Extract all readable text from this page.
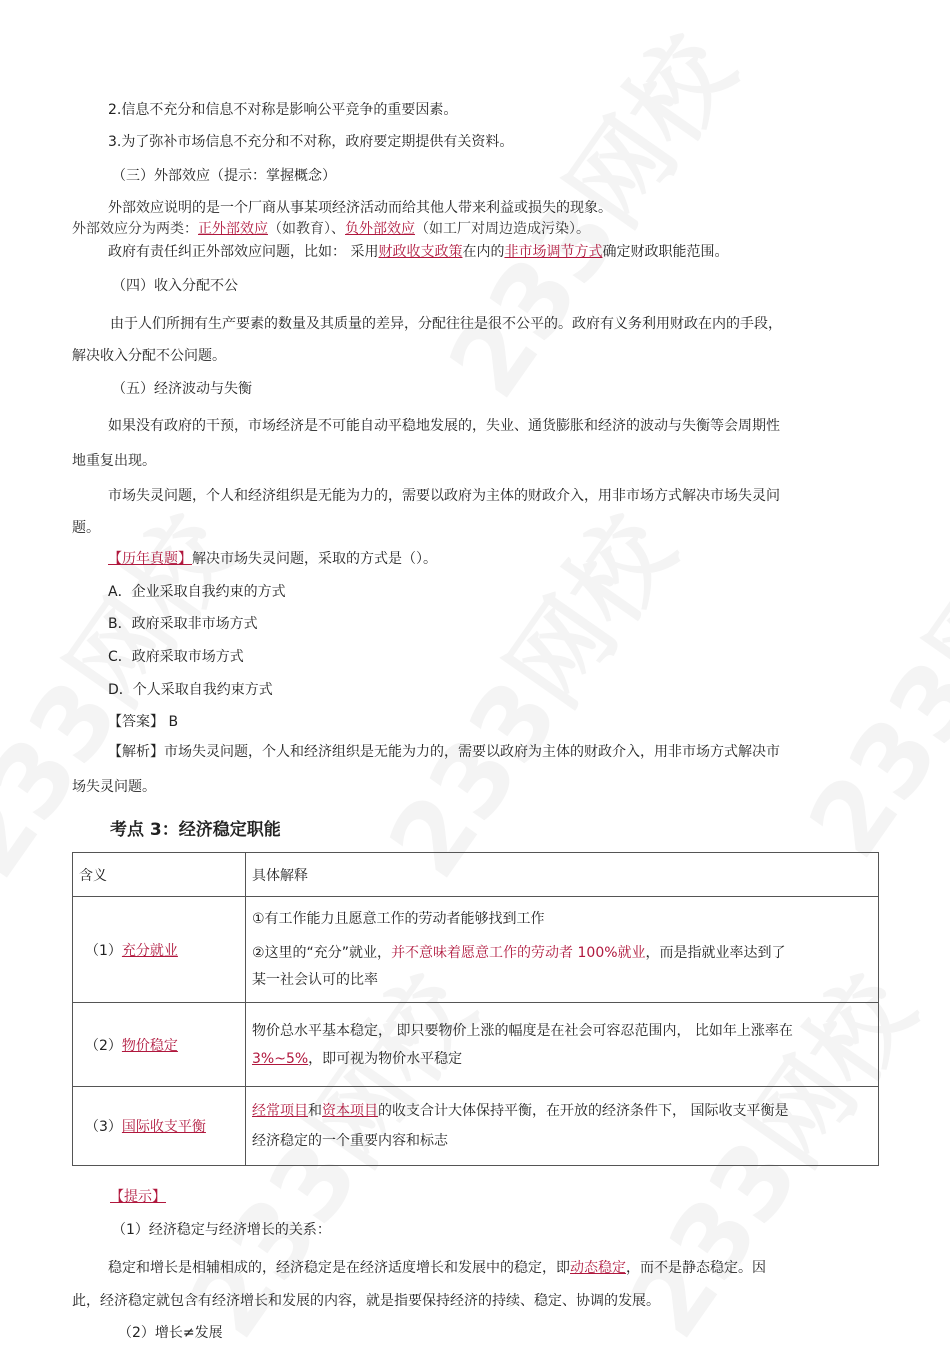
2.信息不充分和信息不对称是影响公平竞争的重要因素。
3.为了弥补市场信息不充分和不对称，政府要定期提供有关资料。
（三）外部效应（提示：掌握概念）
外部效应说明的是一个厂商从事某项经济活动而给其他人带来利益或损失的现象。
外部效应分为两类：正外部效应（如教育）、负外部效应（如工厂对周边造成污染）。
政府有责任纠正外部效应问题，比如： 采用财政收支政策在内的非市场调节方式确定财政职能范围。
（四）收入分配不公
由于人们所拥有生产要素的数量及其质量的差异，分配往往是很不公平的。政府有义务利用财政在内的手段，
解决收入分配不公问题。
（五）经济波动与失衡
如果没有政府的干预，市场经济是不可能自动平稳地发展的，失业、通货膨胀和经济的波动与失衡等会周期性
地重复出现。
市场失灵问题，个人和经济组织是无能为力的，需要以政府为主体的财政介入，用非市场方式解决市场失灵问
题。
【历年真题】解决市场失灵问题，采取的方式是（）。
A．企业采取自我约束的方式
B．政府采取非市场方式
C．政府采取市场方式
D．个人采取自我约束方式
【答案】 B
【解析】市场失灵问题，个人和经济组织是无能为力的，需要以政府为主体的财政介入，用非市场方式解决市
场失灵问题。
考点 3：经济稳定职能
含义	具体解释
（1）充分就业	①有工作能力且愿意工作的劳动者能够找到工作
②这里的“充分”就业，并不意味着愿意工作的劳动者 100%就业，而是指就业率达到了
某一社会认可的比率

（2）物价稳定	物价总水平基本稳定， 即只要物价上涨的幅度是在社会可容忍范围内， 比如年上涨率在
3%~5%，即可视为物价水平稳定

（3）国际收支平衡	经常项目和资本项目的收支合计大体保持平衡，在开放的经济条件下， 国际收支平衡是
经济稳定的一个重要内容和标志
【提示】
（1）经济稳定与经济增长的关系：
稳定和增长是相辅相成的，经济稳定是在经济适度增长和发展中的稳定，即动态稳定，而不是静态稳定。因
此，经济稳定就包含有经济增长和发展的内容，就是指要保持经济的持续、稳定、协调的发展。
（2）增长≠发展
